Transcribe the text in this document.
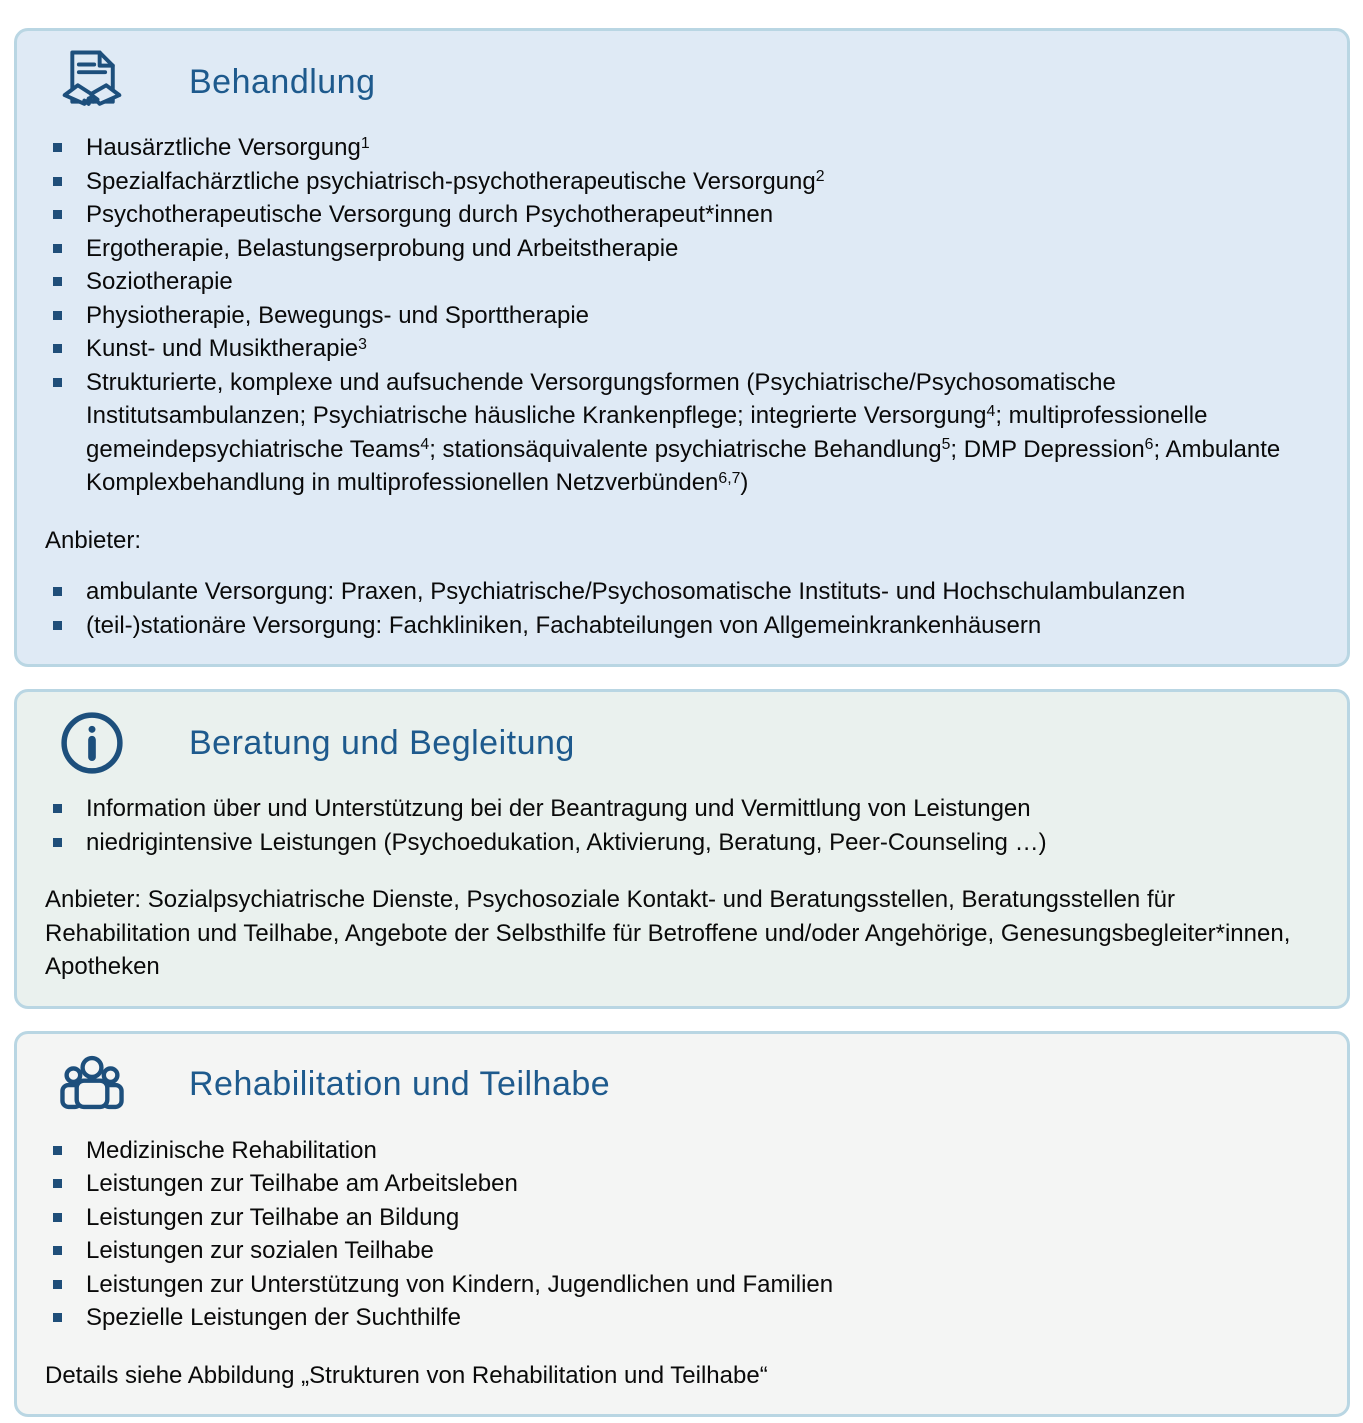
Behandlung
Hausärztliche Versorgung$^1$
Spezialfachärztliche psychiatrisch-psychotherapeutische Versorgung$^2$
Psychotherapeutische Versorgung durch Psychotherapeut*innen
Ergotherapie, Belastungserprobung und Arbeitstherapie
Soziotherapie
Physiotherapie, Bewegungs- und Sporttherapie
Kunst- und Musiktherapie$^3$
Strukturierte, komplexe und aufsuchende Versorgungsformen (Psychiatrische/Psychosomatische Institutsambulanzen; Psychiatrische häusliche Krankenpflege; integrierte Versorgung$^4$; multiprofessionelle gemeindepsychiatrische Teams$^4$; stationsäquivalente psychiatrische Behandlung$^5$; DMP Depression$^6$; Ambulante Komplexbehandlung in multiprofessionellen Netzverbünden$^{6,7}$)

Anbieter:

ambulante Versorgung: Praxen, Psychiatrische/Psychosomatische Instituts- und Hochschulambulanzen
(teil-)stationäre Versorgung: Fachkliniken, Fachabteilungen von Allgemeinkrankenhäusern
Beratung und Begleitung
Information über und Unterstützung bei der Beantragung und Vermittlung von Leistungen
niedrigintensive Leistungen (Psychoedukation, Aktivierung, Beratung, Peer-Counseling …)

Anbieter: Sozialpsychiatrische Dienste, Psychosoziale Kontakt- und Beratungsstellen, Beratungsstellen für Rehabilitation und Teilhabe, Angebote der Selbsthilfe für Betroffene und/oder Angehörige, Genesungsbegleiter*innen, Apotheken

Rehabilitation und Teilhabe
Medizinische Rehabilitation
Leistungen zur Teilhabe am Arbeitsleben
Leistungen zur Teilhabe an Bildung
Leistungen zur sozialen Teilhabe
Leistungen zur Unterstützung von Kindern, Jugendlichen und Familien
Spezielle Leistungen der Suchthilfe

Details siehe Abbildung „Strukturen von Rehabilitation und Teilhabe“
